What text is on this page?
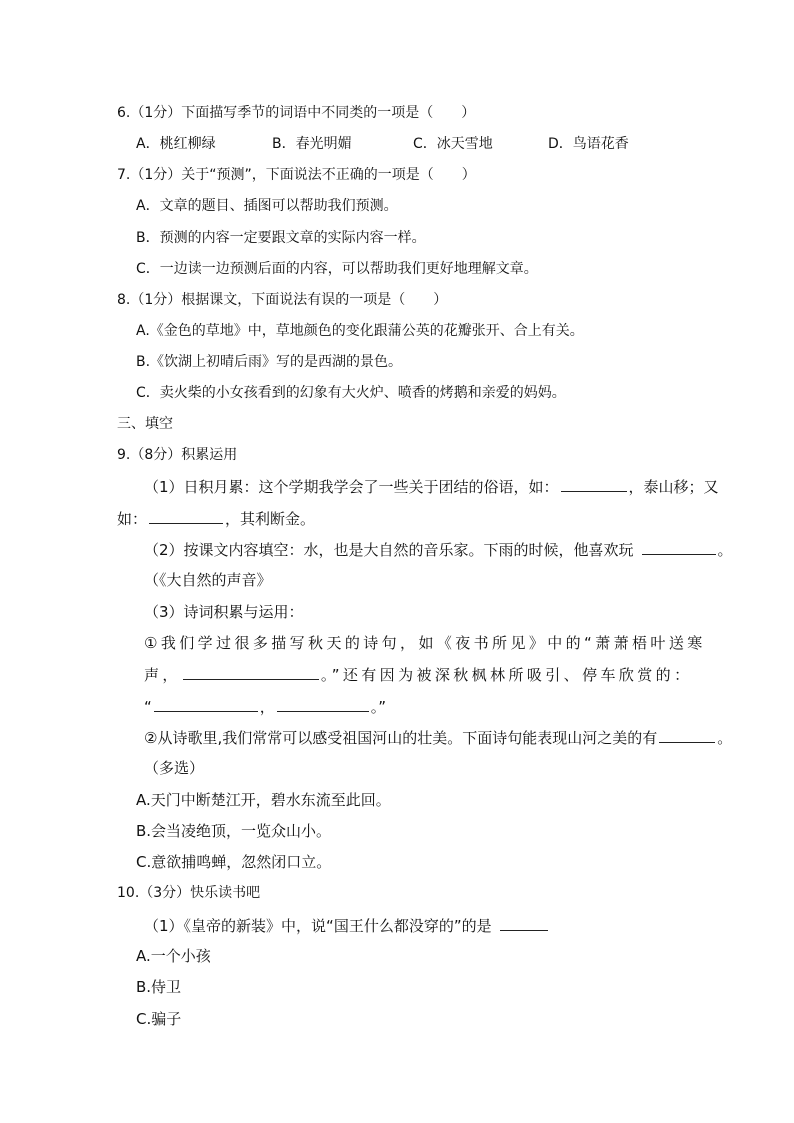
6.（1分）下面描写季节的词语中不同类的一项是（　　）
A．桃红柳绿	B．春光明媚	C．冰天雪地	D．鸟语花香
7.（1分）关于“预测”，下面说法不正确的一项是（　　）
A．文章的题目、插图可以帮助我们预测。
B．预测的内容一定要跟文章的实际内容一样。
C．一边读一边预测后面的内容，可以帮助我们更好地理解文章。
8.（1分）根据课文，下面说法有误的一项是（　　）
A.《金色的草地》中，草地颜色的变化跟蒲公英的花瓣张开、合上有关。
B.《饮湖上初晴后雨》写的是西湖的景色。
C．卖火柴的小女孩看到的幻象有大火炉、喷香的烤鹅和亲爱的妈妈。
三、填空
9.（8分）积累运用
（1）日积月累：这个学期我学会了一些关于团结的俗语，如：	，泰山移；又
如：	，其利断金。
（2）按课文内容填空：水，也是大自然的音乐家。下雨的时候，他喜欢玩	。
（《大自然的声音》
（3）诗词积累与运用：
①我们学过很多描写秋天的诗句，如《夜书所见》中的“萧萧梧叶送寒
声，	。”还有因为被深秋枫林所吸引、停车欣赏的：
“	，	。”
②从诗歌里,我们常常可以感受祖国河山的壮美。下面诗句能表现山河之美的有	。
（多选）
A.天门中断楚江开，碧水东流至此回。
B.会当凌绝顶，一览众山小。
C.意欲捕鸣蝉，忽然闭口立。
10.（3分）快乐读书吧
（1）《皇帝的新装》中，说“国王什么都没穿的”的是
A.一个小孩
B.侍卫
C.骗子
